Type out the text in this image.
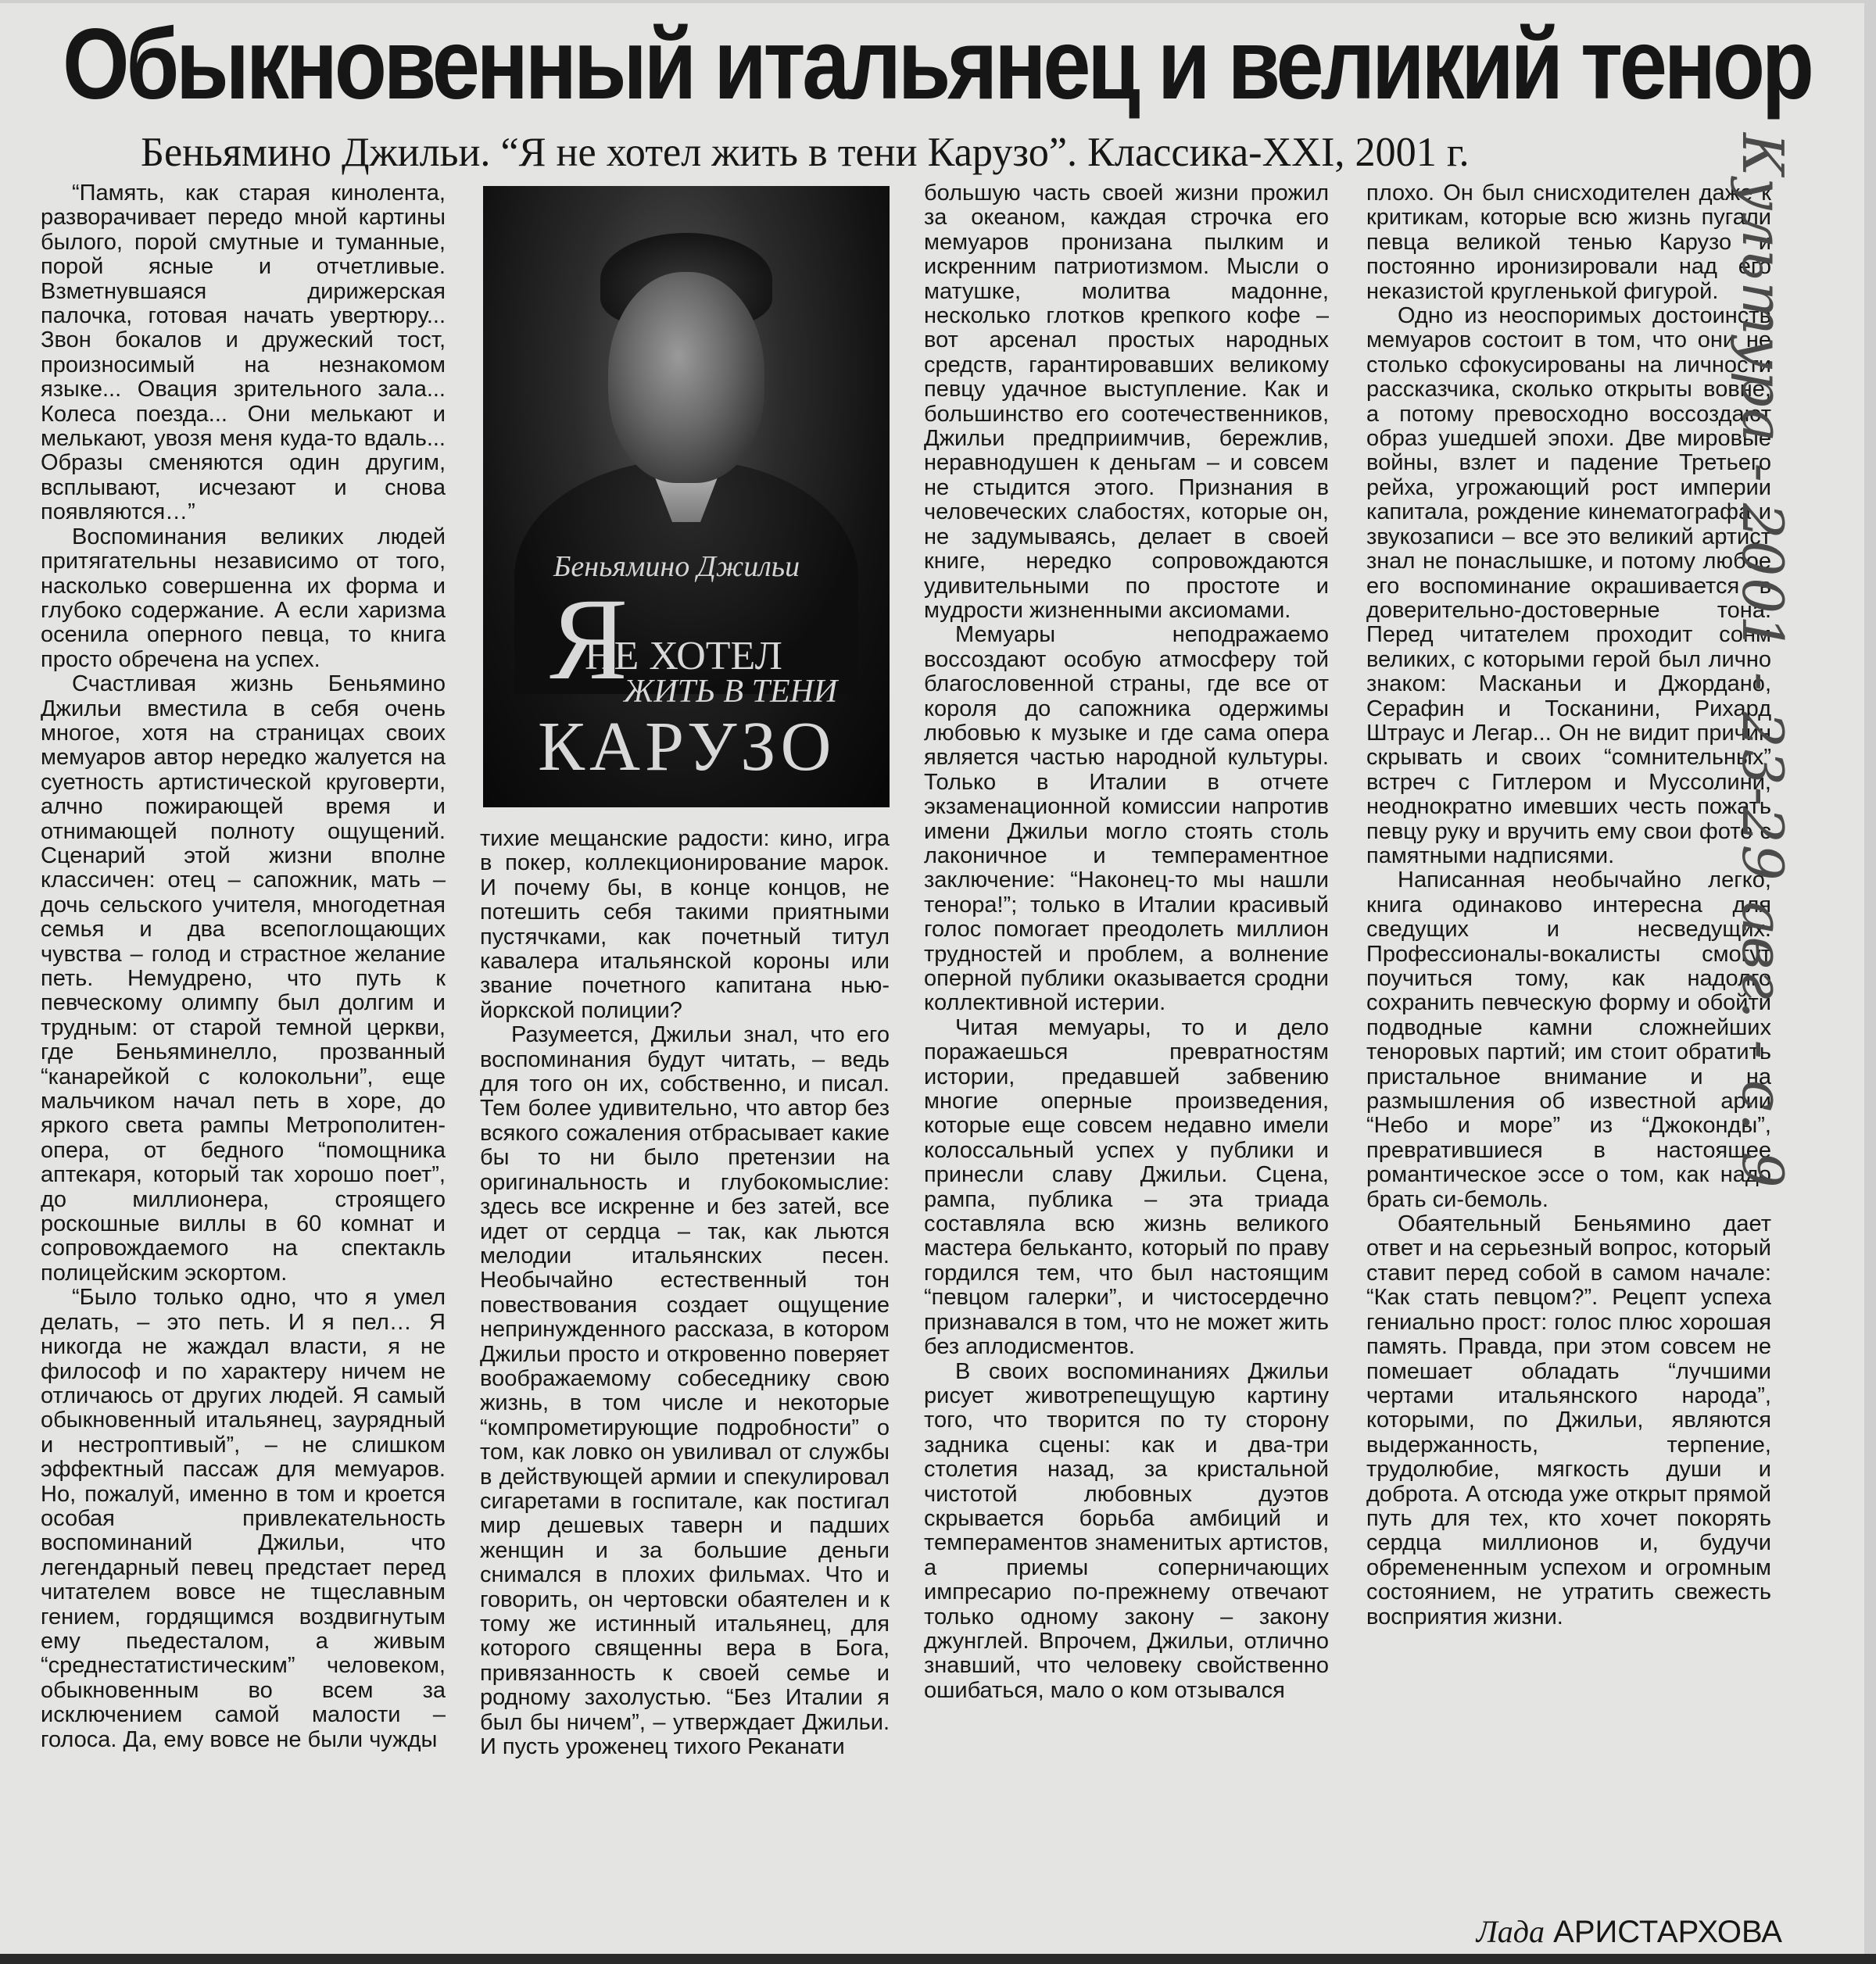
Обыкновенный итальянец и великий тенор
Беньямино Джильи. “Я не хотел жить в тени Карузо”. Классика-XXI, 2001 г.

“Память, как старая кинолента, разворачивает передо мной картины былого, порой смутные и туманные, порой ясные и отчетливые. Взметнувшаяся дирижерская палочка, готовая начать увертюру... Звон бокалов и дружеский тост, произносимый на незнакомом языке... Овация зрительного зала... Колеса поезда... Они мелькают и мелькают, увозя меня куда-то вдаль... Образы сменяются один другим, всплывают, исчезают и снова появляются…”

Воспоминания великих людей притягательны независимо от того, насколько совершенна их форма и глубоко содержание. А если харизма осенила оперного певца, то книга просто обречена на успех.

Счастливая жизнь Беньямино Джильи вместила в себя очень многое, хотя на страницах своих мемуаров автор нередко жалуется на суетность артистической круговерти, алчно пожирающей время и отнимающей полноту ощущений. Сценарий этой жизни вполне классичен: отец – сапожник, мать – дочь сельского учителя, многодетная семья и два всепоглощающих чувства – голод и страстное желание петь. Немудрено, что путь к певческому олимпу был долгим и трудным: от старой темной церкви, где Беньяминелло, прозванный “канарейкой с колокольни”, еще мальчиком начал петь в хоре, до яркого света рампы Метрополитен-опера, от бедного “помощника аптекаря, который так хорошо поет”, до миллионера, строящего роскошные виллы в 60 комнат и сопровождаемого на спектакль полицейским эскортом.

“Было только одно, что я умел делать, – это петь. И я пел… Я никогда не жаждал власти, я не философ и по характеру ничем не отличаюсь от других людей. Я самый обыкновенный итальянец, заурядный и нестроптивый”, – не слишком эффектный пассаж для мемуаров. Но, пожалуй, именно в том и кроется особая привлекательность воспоминаний Джильи, что легендарный певец предстает перед читателем вовсе не тщеславным гением, гордящимся воздвигнутым ему пьедесталом, а живым “среднестатистическим” человеком, обыкновенным во всем за исключением самой малости – голоса. Да, ему вовсе не были чужды

Беньямино Джильи
Я
НЕ ХОТЕЛ
ЖИТЬ В ТЕНИ
КАРУЗО

тихие мещанские радости: кино, игра в покер, коллекционирование марок. И почему бы, в конце концов, не потешить себя такими приятными пустячками, как почетный титул кавалера итальянской короны или звание почетного капитана нью-йоркской полиции?

Разумеется, Джильи знал, что его воспоминания будут читать, – ведь для того он их, собственно, и писал. Тем более удивительно, что автор без всякого сожаления отбрасывает какие бы то ни было претензии на оригинальность и глубокомыслие: здесь все искренне и без затей, все идет от сердца – так, как льются мелодии итальянских песен. Необычайно естественный тон повествования создает ощущение непринужденного рассказа, в котором Джильи просто и откровенно поверяет воображаемому собеседнику свою жизнь, в том числе и некоторые “компрометирующие подробности” о том, как ловко он увиливал от службы в действующей армии и спекулировал сигаретами в госпитале, как постигал мир дешевых таверн и падших женщин и за большие деньги снимался в плохих фильмах. Что и говорить, он чертовски обаятелен и к тому же истинный итальянец, для которого священны вера в Бога, привязанность к своей семье и родному захолустью. “Без Италии я был бы ничем”, – утверждает Джильи. И пусть уроженец тихого Реканати

большую часть своей жизни прожил за океаном, каждая строчка его мемуаров пронизана пылким и искренним патриотизмом. Мысли о матушке, молитва мадонне, несколько глотков крепкого кофе – вот арсенал простых народных средств, гарантировавших великому певцу удачное выступление. Как и большинство его соотечественников, Джильи предприимчив, бережлив, неравнодушен к деньгам – и совсем не стыдится этого. Признания в человеческих слабостях, которые он, не задумываясь, делает в своей книге, нередко сопровождаются удивительными по простоте и мудрости жизненными аксиомами.

Мемуары неподражаемо воссоздают особую атмосферу той благословенной страны, где все от короля до сапожника одержимы любовью к музыке и где сама опера является частью народной культуры. Только в Италии в отчете экзаменационной комиссии напротив имени Джильи могло стоять столь лаконичное и темпераментное заключение: “Наконец-то мы нашли тенора!”; только в Италии красивый голос помогает преодолеть миллион трудностей и проблем, а волнение оперной публики оказывается сродни коллективной истерии.

Читая мемуары, то и дело поражаешься превратностям истории, предавшей забвению многие оперные произведения, которые еще совсем недавно имели колоссальный успех у публики и принесли славу Джильи. Сцена, рампа, публика – эта триада составляла всю жизнь великого мастера бельканто, который по праву гордился тем, что был настоящим “певцом галерки”, и чистосердечно признавался в том, что не может жить без аплодисментов.

В своих воспоминаниях Джильи рисует животрепещущую картину того, что творится по ту сторону задника сцены: как и два-три столетия назад, за кристальной чистотой любовных дуэтов скрывается борьба амбиций и темпераментов знаменитых артистов, а приемы соперничающих импресарио по-прежнему отвечают только одному закону – закону джунглей. Впрочем, Джильи, отлично знавший, что человеку свойственно ошибаться, мало о ком отзывался

плохо. Он был снисходителен даже к критикам, которые всю жизнь пугали певца великой тенью Карузо и постоянно иронизировали над его неказистой кругленькой фигурой.

Одно из неоспоримых достоинств мемуаров состоит в том, что они не столько сфокусированы на личности рассказчика, сколько открыты вовне, а потому превосходно воссоздают образ ушедшей эпохи. Две мировые войны, взлет и падение Третьего рейха, угрожающий рост империи капитала, рождение кинематографа и звукозаписи – все это великий артист знал не понаслышке, и потому любое его воспоминание окрашивается в доверительно-достоверные тона. Перед читателем проходит сонм великих, с которыми герой был лично знаком: Масканьи и Джордано, Серафин и Тосканини, Рихард Штраус и Легар... Он не видит причин скрывать и своих “сомнительных” встреч с Гитлером и Муссолини, неоднократно имевших честь пожать певцу руку и вручить ему свои фото с памятными надписями.

Написанная необычайно легко, книга одинаково интересна для сведущих и несведущих. Профессионалы-вокалисты смогут поучиться тому, как надолго сохранить певческую форму и обойти подводные камни сложнейших теноровых партий; им стоит обратить пристальное внимание и на размышления об известной арии “Небо и море” из “Джоконды”, превратившиеся в настоящее романтическое эссе о том, как надо брать си-бемоль.

Обаятельный Беньямино дает ответ и на серьезный вопрос, который ставит перед собой в самом начале: “Как стать певцом?”. Рецепт успеха гениально прост: голос плюс хорошая память. Правда, при этом совсем не помешает обладать “лучшими чертами итальянского народа”, которыми, по Джильи, являются выдержанность, терпение, трудолюбие, мягкость души и доброта. А отсюда уже открыт прямой путь для тех, кто хочет покорять сердца миллионов и, будучи обремененным успехом и огромным состоянием, не утратить свежесть восприятия жизни.

Лада АРИСТАРХОВА
Культура - 2001 - 23-29 авг. - с. 9
